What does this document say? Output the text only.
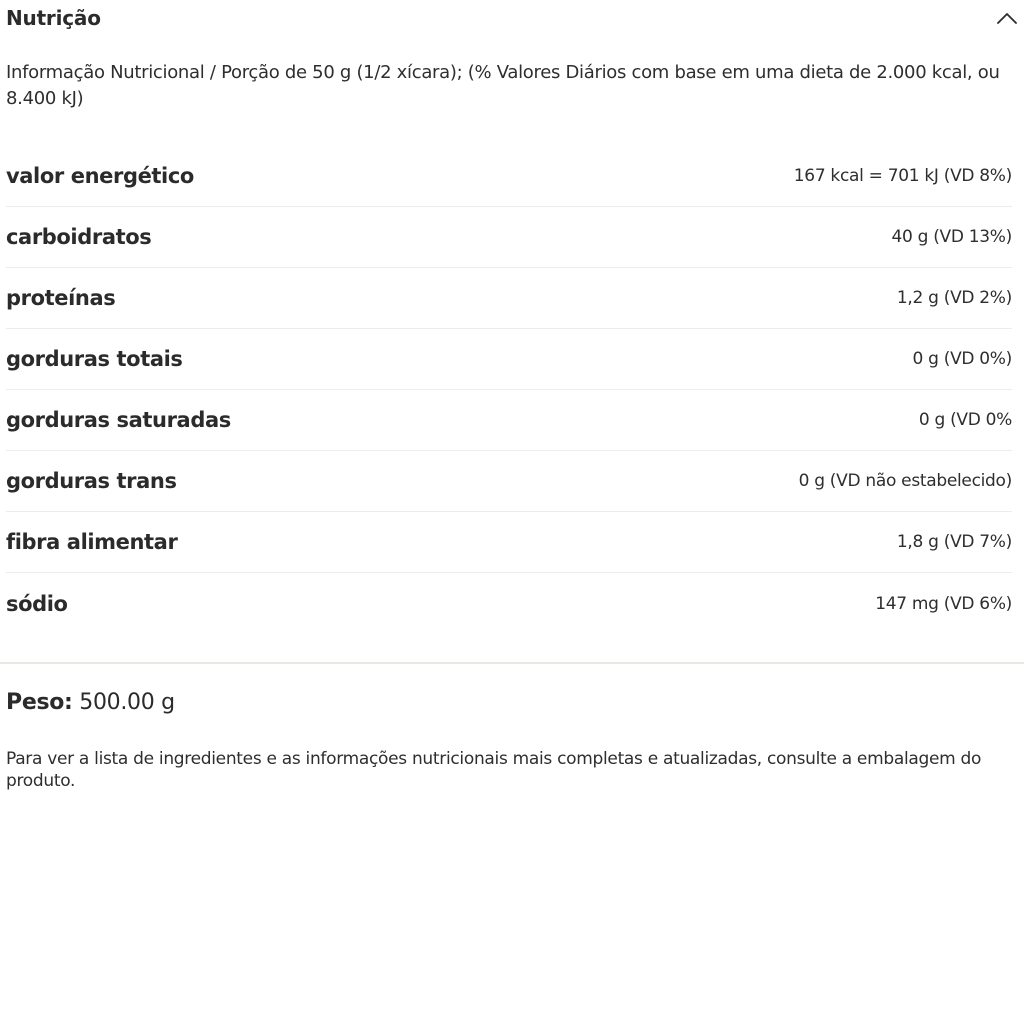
Nutrição
Informação Nutricional / Porção de 50 g (1/2 xícara); (% Valores Diários com base em uma dieta de 2.000 kcal, ou 8.400 kJ)
valor energético	167 kcal = 701 kJ (VD 8%)
carboidratos	40 g (VD 13%)
proteínas	1,2 g (VD 2%)
gorduras totais	0 g (VD 0%)
gorduras saturadas	0 g (VD 0%
gorduras trans	0 g (VD não estabelecido)
fibra alimentar	1,8 g (VD 7%)
sódio	147 mg (VD 6%)
Peso: 500.00 g
Para ver a lista de ingredientes e as informações nutricionais mais completas e atualizadas, consulte a embalagem do produto.
